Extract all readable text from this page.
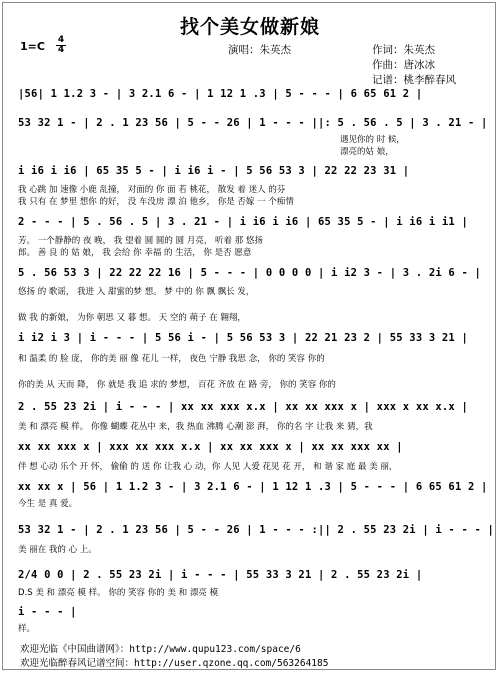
找个美女做新娘
演唱：朱英杰	作词：朱英杰
作曲：唐冰冰
记谱：桃李醉春风
$1=C \frac{4}{4}$
|56| 1 1.2 3 - | 3 2.1 6 - | 1 12 1 .3 | 5 - - - | 6 65 61 2 |
53 32 1 - | 2 . 1 23 56 | 5 - - 26 | 1 - - - ||: 5 . 56 . 5 | 3 . 21 - |
遇见你的 时 候，
漂亮的姑 娘，
i i6 i i6 | 65 35 5 - | i i6 i - | 5 56 53 3 | 22 22 23 31 |
我 心跳 加 速像 小鹿 乱撞， 对面的 你 面 若 桃花， 散发 着 迷人 的芬
我 只有 在 梦里 想你 的好， 没 车没房 漂 泊 他乡， 你是 否嫁 一 个痴情
2 - - - | 5 . 56 . 5 | 3 . 21 - | i i6 i i6 | 65 35 5 - | i i6 i i1 |
芳。 一个静静的 夜 晚， 我 望着 圆 圆的 圆 月亮， 听着 那 悠扬
郎。 善 良 的 姑 娘， 我 会给 你 幸福 的 生活， 你 是否 愿意
5 . 56 53 3 | 22 22 22 16 | 5 - - - | 0 0 0 0 | i i2 3 - | 3 . 2i 6 - |
悠扬 的 歌谣， 我进 入 甜蜜的梦 想。 梦 中的 你 飘 飘长 发，
做 我 的新娘， 为你 朝思 又 暮 想。 天 空的 蒴子 在 翱翔，
i i2 i 3 | i - - - | 5 56 i - | 5 56 53 3 | 22 21 23 2 | 55 33 3 21 |
和 温柔 的 脸 庞， 你的美 丽 像 花儿 一样， 夜色 宁静 我思 念， 你的 笑容 你的
你的美 从 天而 降， 你 就是 我 追 求的 梦想， 百花 齐放 在 路 旁， 你的 笑容 你的
2 . 55 23 2i | i - - - | xx xx xxx x.x | xx xx xxx x | xxx x xx x.x |
美 和 漂亮 模 样。 你像 蝴蝶 花丛中 来，我 热血 沸腾 心潮 澎 湃， 你的名 字 让我 来 猜，我
xx xx xxx x | xxx xx xxx x.x | xx xx xxx x | xx xx xxx xx |
伴 想 心动 乐个 开 怀， 偷偷 的 送 你 让我 心 动，你 人见 人爱 花见 花 开， 和 谐 家 庭 最 美 丽，
xx xx x | 56 | 1 1.2 3 - | 3 2.1 6 - | 1 12 1 .3 | 5 - - - | 6 65 61 2 |
今生 是 真 爱。
53 32 1 - | 2 . 1 23 56 | 5 - - 26 | 1 - - - :|| 2 . 55 23 2i | i - - - |
美 丽在 我的 心 上。
2/4 0 0 | 2 . 55 23 2i | i - - - | 55 33 3 21 | 2 . 55 23 2i |
D.S 美 和 漂亮 模 样。 你的 笑容 你的 美 和 漂亮 模
i - - - |
样。
欢迎光临《中国曲谱网》：http://www.qupu123.com/space/6
欢迎光临醉春风记谱空间：http://user.qzone.qq.com/563264185
